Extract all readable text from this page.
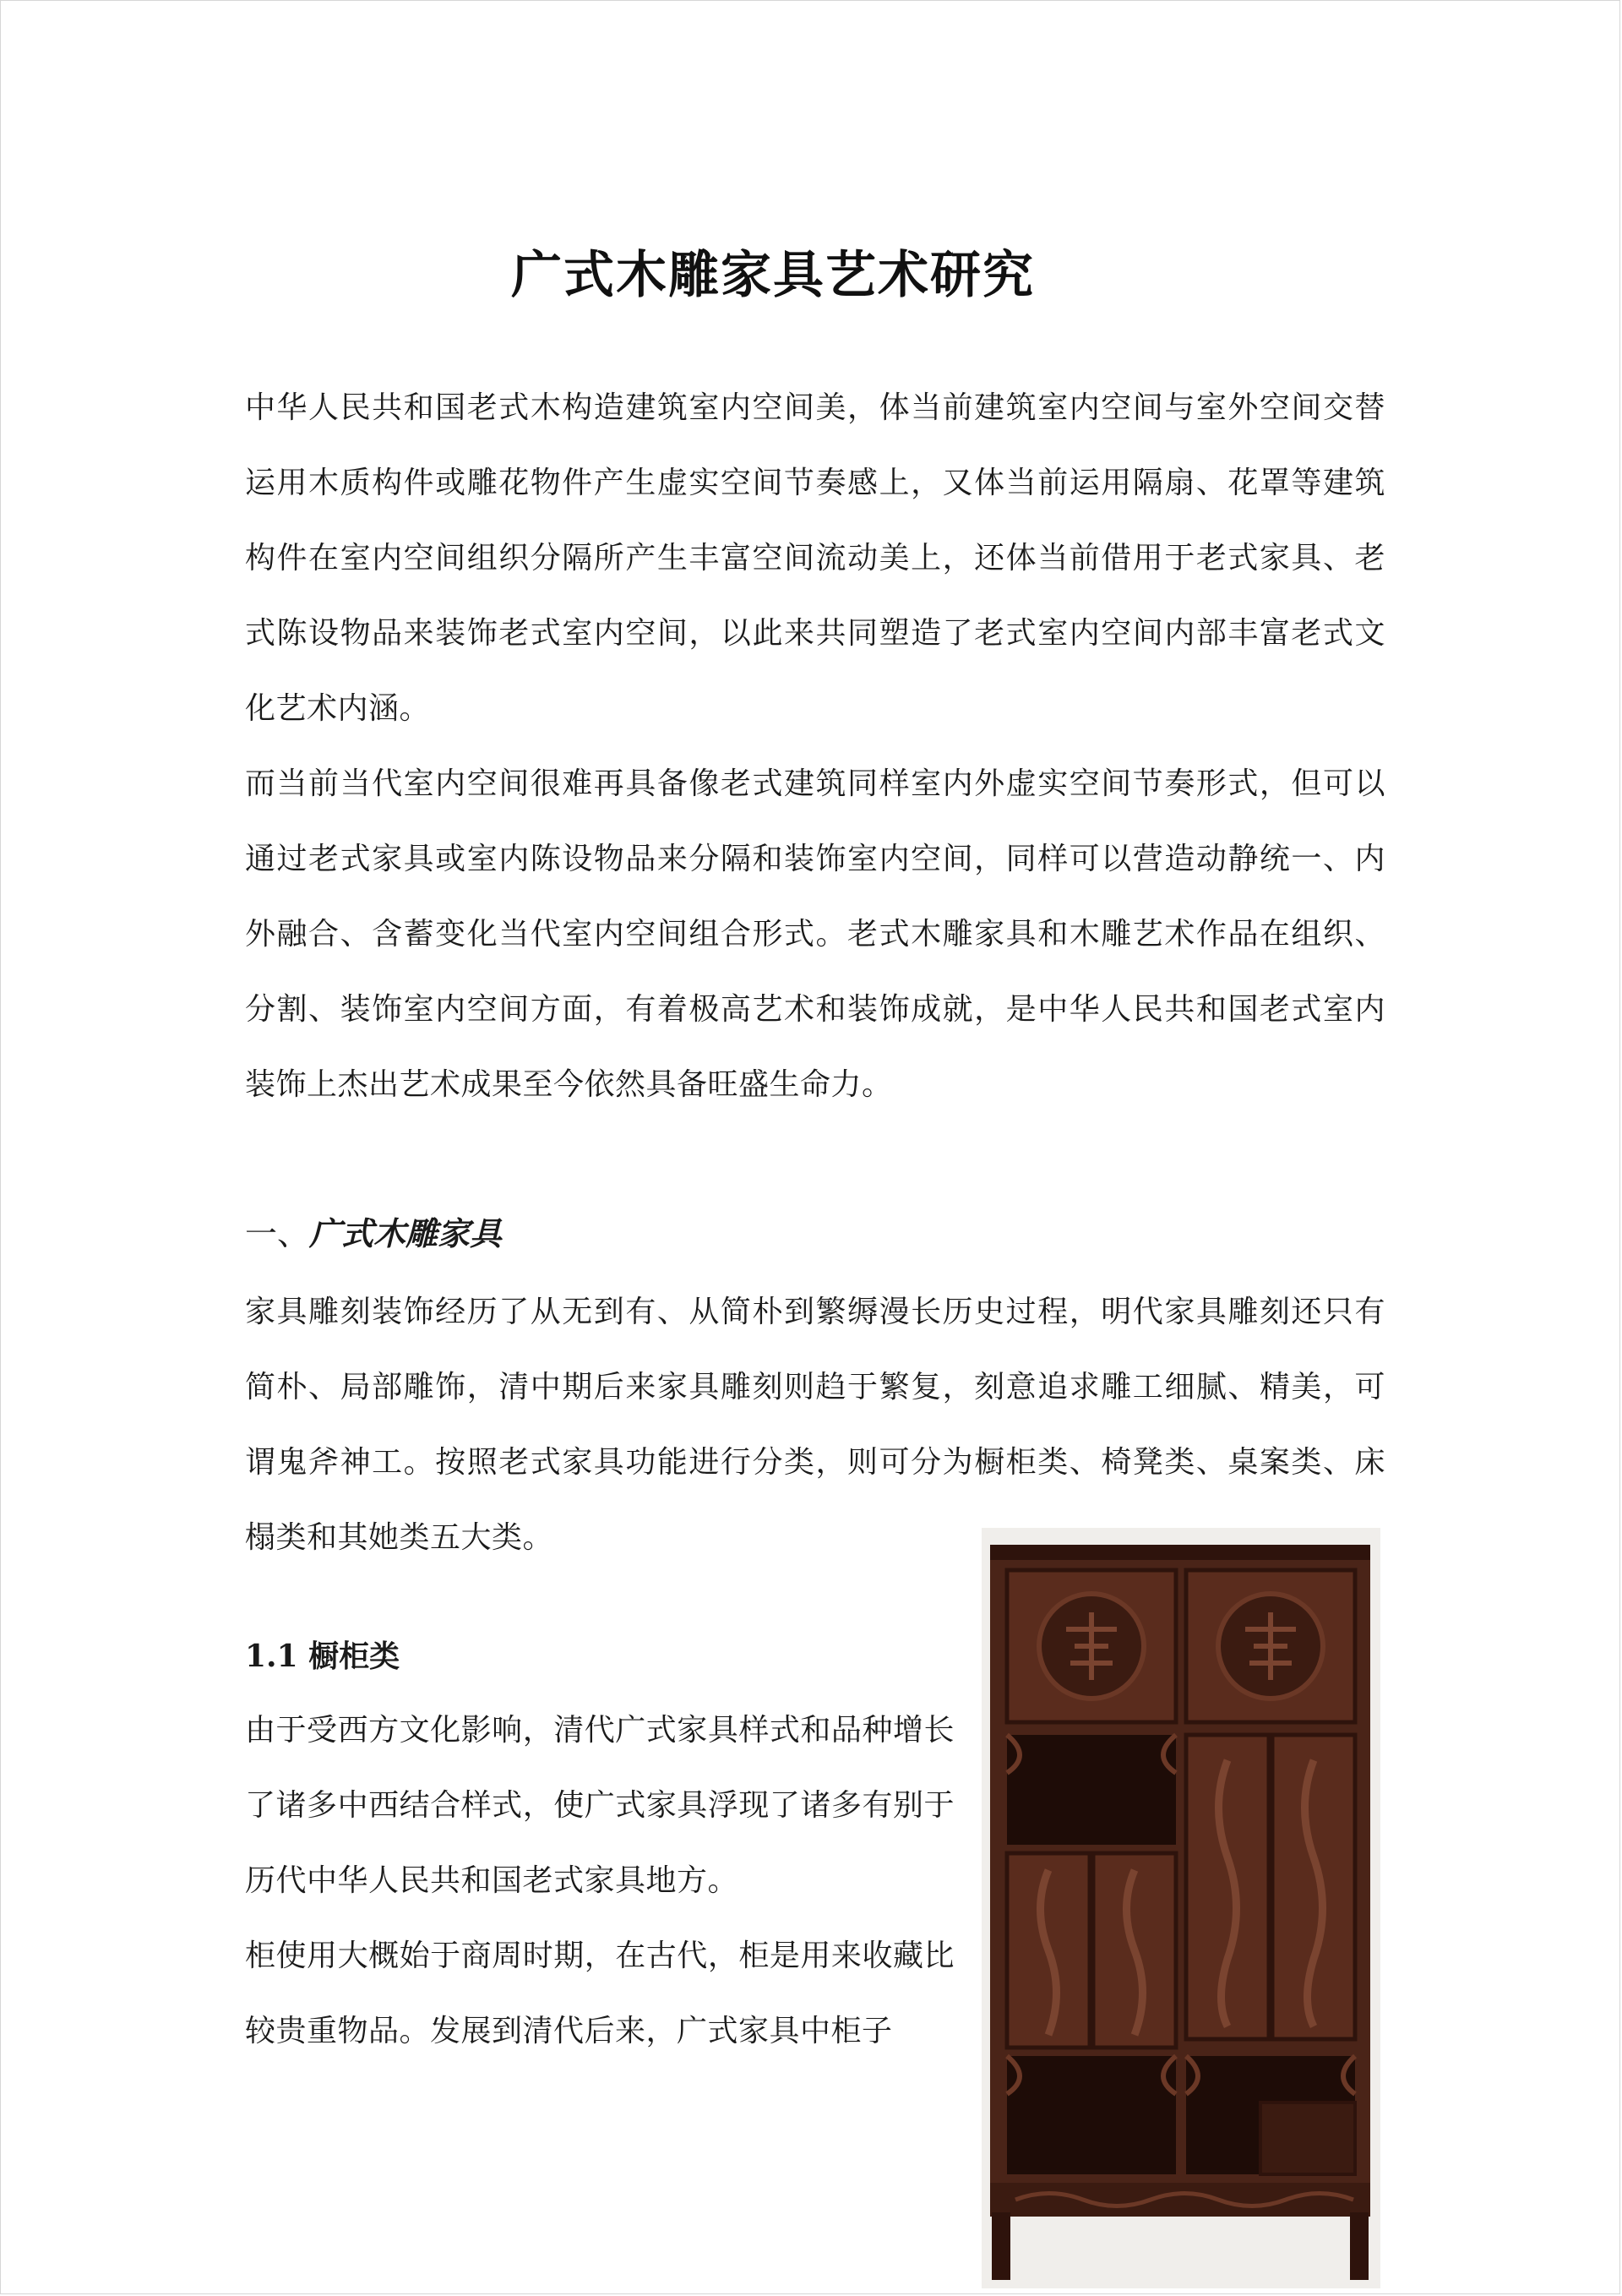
广式木雕家具艺术研究

中华人民共和国老式木构造建筑室内空间美，体当前建筑室内空间与室外空间交替运用木质构件或雕花物件产生虚实空间节奏感上，又体当前运用隔扇、花罩等建筑构件在室内空间组织分隔所产生丰富空间流动美上，还体当前借用于老式家具、老式陈设物品来装饰老式室内空间，以此来共同塑造了老式室内空间内部丰富老式文化艺术内涵。

而当前当代室内空间很难再具备像老式建筑同样室内外虚实空间节奏形式，但可以通过老式家具或室内陈设物品来分隔和装饰室内空间，同样可以营造动静统一、内外融合、含蓄变化当代室内空间组合形式。老式木雕家具和木雕艺术作品在组织、分割、装饰室内空间方面，有着极高艺术和装饰成就，是中华人民共和国老式室内装饰上杰出艺术成果至今依然具备旺盛生命力。

一、广式木雕家具

家具雕刻装饰经历了从无到有、从简朴到繁缛漫长历史过程，明代家具雕刻还只有简朴、局部雕饰，清中期后来家具雕刻则趋于繁复，刻意追求雕工细腻、精美，可谓鬼斧神工。按照老式家具功能进行分类，则可分为橱柜类、椅凳类、桌案类、床榻类和其她类五大类。

1.1 橱柜类

由于受西方文化影响，清代广式家具样式和品种增长了诸多中西结合样式，使广式家具浮现了诸多有别于历代中华人民共和国老式家具地方。

柜使用大概始于商周时期，在古代，柜是用来收藏比较贵重物品。发展到清代后来，广式家具中柜子
